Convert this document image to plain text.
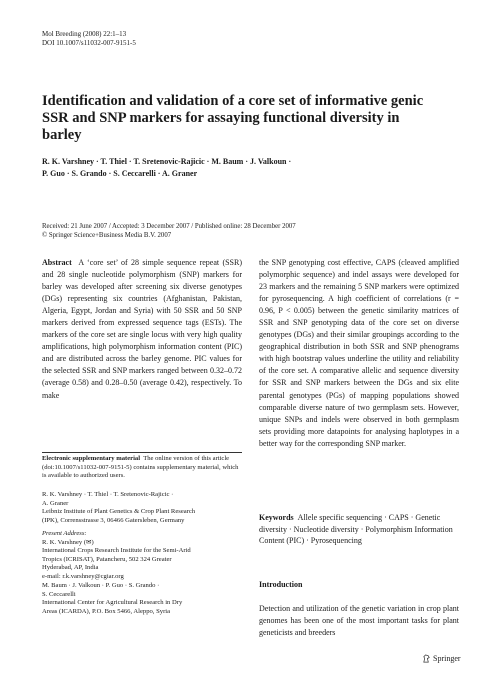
Mol Breeding (2008) 22:1–13
DOI 10.1007/s11032-007-9151-5
Identification and validation of a core set of informative genic SSR and SNP markers for assaying functional diversity in barley
R. K. Varshney · T. Thiel · T. Sretenovic-Rajicic · M. Baum · J. Valkoun ·
P. Guo · S. Grando · S. Ceccarelli · A. Graner
Received: 21 June 2007 / Accepted: 3 December 2007 / Published online: 28 December 2007
© Springer Science+Business Media B.V. 2007
Abstract A ‘core set’ of 28 simple sequence repeat (SSR) and 28 single nucleotide polymorphism (SNP) markers for barley was developed after screening six diverse genotypes (DGs) representing six countries (Afghanistan, Pakistan, Algeria, Egypt, Jordan and Syria) with 50 SSR and 50 SNP markers derived from expressed sequence tags (ESTs). The markers of the core set are single locus with very high quality amplifications, high polymorphism information content (PIC) and are distributed across the barley genome. PIC values for the selected SSR and SNP markers ranged between 0.32–0.72 (average 0.58) and 0.28–0.50 (average 0.42), respectively. To make
Electronic supplementary material The online version of this article (doi:10.1007/s11032-007-9151-5) contains supplementary material, which is available to authorized users.
R. K. Varshney · T. Thiel · T. Sretenovic-Rajicic ·
A. Graner
Leibniz Institute of Plant Genetics & Crop Plant Research
(IPK), Corrensstrasse 3, 06466 Gatersleben, Germany
Present Address:
R. K. Varshney (✉)
International Crops Research Institute for the Semi-Arid
Tropics (ICRISAT), Patancheru, 502 324 Greater
Hyderabad, AP, India
e-mail: r.k.varshney@cgiar.org
M. Baum · J. Valkoun · P. Guo · S. Grando ·
S. Ceccarelli
International Center for Agricultural Research in Dry
Areas (ICARDA), P.O. Box 5466, Aleppo, Syria
the SNP genotyping cost effective, CAPS (cleaved amplified polymorphic sequence) and indel assays were developed for 23 markers and the remaining 5 SNP markers were optimized for pyrosequencing. A high coefficient of correlations (r = 0.96, P < 0.005) between the genetic similarity matrices of SSR and SNP genotyping data of the core set on diverse genotypes (DGs) and their similar groupings according to the geographical distribution in both SSR and SNP phenograms with high bootstrap values underline the utility and reliability of the core set. A comparative allelic and sequence diversity for SSR and SNP markers between the DGs and six elite parental genotypes (PGs) of mapping populations showed comparable diverse nature of two germplasm sets. However, unique SNPs and indels were observed in both germplasm sets providing more datapoints for analysing haplotypes in a better way for the corresponding SNP marker.
Keywords Allele specific sequencing · CAPS · Genetic diversity · Nucleotide diversity · Polymorphism Information Content (PIC) · Pyrosequencing
Introduction
Detection and utilization of the genetic variation in crop plant genomes has been one of the most important tasks for plant geneticists and breeders
Springer
